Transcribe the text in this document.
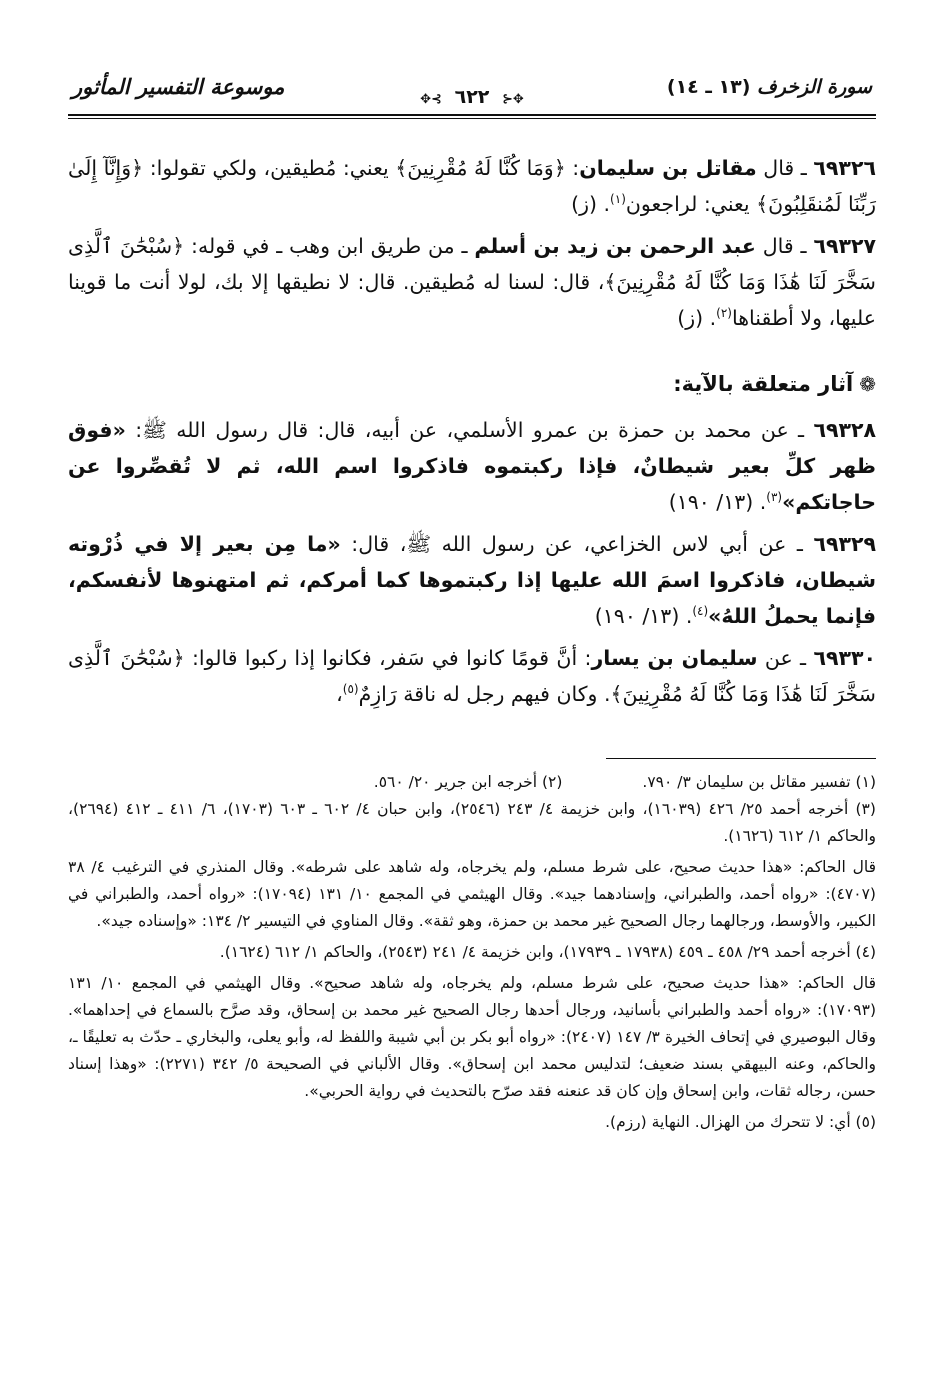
سورة الزخرف (١٣ ـ ١٤)
✥⊰ ٦٢٢ ⊱✥
موسوعة التفسير المأثور

٦٩٣٢٦ ـ قال مقاتل بن سليمان: ﴿وَمَا كُنَّا لَهُ مُقْرِنِينَ﴾ يعني: مُطيقين، ولكي تقولوا: ﴿وَإِنَّآ إِلَىٰ رَبِّنَا لَمُنقَلِبُونَ﴾ يعني: لراجعون$^{(١)}$. (ز)

٦٩٣٢٧ ـ قال عبد الرحمن بن زيد بن أسلم ـ من طريق ابن وهب ـ في قوله: ﴿سُبْحَٰنَ ٱلَّذِى سَخَّرَ لَنَا هَٰذَا وَمَا كُنَّا لَهُ مُقْرِنِينَ﴾، قال: لسنا له مُطيقين. قال: لا نطيقها إلا بك، لولا أنت ما قوينا عليها، ولا أطقناها$^{(٢)}$. (ز)

❁آثار متعلقة بالآية:

٦٩٣٢٨ ـ عن محمد بن حمزة بن عمرو الأسلمي، عن أبيه، قال: قال رسول الله ﷺ: «فوق ظهر كلِّ بعير شيطانٌ، فإذا ركبتموه فاذكروا اسم الله، ثم لا تُقصِّروا عن حاجاتكم»$^{(٣)}$. (١٣/ ١٩٠)

٦٩٣٢٩ ـ عن أبي لاس الخزاعي، عن رسول الله ﷺ، قال: «ما مِن بعير إلا في ذُرْوته شيطان، فاذكروا اسمَ الله عليها إذا ركبتموها كما أمركم، ثم امتهنوها لأنفسكم، فإنما يحملُ اللهُ»$^{(٤)}$. (١٣/ ١٩٠)

٦٩٣٣٠ ـ عن سليمان بن يسار: أنَّ قومًا كانوا في سَفر، فكانوا إذا ركبوا قالوا: ﴿سُبْحَٰنَ ٱلَّذِى سَخَّرَ لَنَا هَٰذَا وَمَا كُنَّا لَهُ مُقْرِنِينَ﴾. وكان فيهم رجل له ناقة رَازِمٌ$^{(٥)}$،

(١) تفسير مقاتل بن سليمان ٣/ ٧٩٠.
(٢) أخرجه ابن جرير ٢٠/ ٥٦٠.

(٣) أخرجه أحمد ٢٥/ ٤٢٦ (١٦٠٣٩)، وابن خزيمة ٤/ ٢٤٣ (٢٥٤٦)، وابن حبان ٤/ ٦٠٢ ـ ٦٠٣ (١٧٠٣)، ٦/ ٤١١ ـ ٤١٢ (٢٦٩٤)، والحاكم ١/ ٦١٢ (١٦٢٦).

قال الحاكم: «هذا حديث صحيح، على شرط مسلم، ولم يخرجاه، وله شاهد على شرطه». وقال المنذري في الترغيب ٤/ ٣٨ (٤٧٠٧): «رواه أحمد، والطبراني، وإسنادهما جيد». وقال الهيثمي في المجمع ١٠/ ١٣١ (١٧٠٩٤): «رواه أحمد، والطبراني في الكبير، والأوسط، ورجالهما رجال الصحيح غير محمد بن حمزة، وهو ثقة». وقال المناوي في التيسير ٢/ ١٣٤: «وإسناده جيد».

(٤) أخرجه أحمد ٢٩/ ٤٥٨ ـ ٤٥٩ (١٧٩٣٨ ـ ١٧٩٣٩)، وابن خزيمة ٤/ ٢٤١ (٢٥٤٣)، والحاكم ١/ ٦١٢ (١٦٢٤).

قال الحاكم: «هذا حديث صحيح، على شرط مسلم، ولم يخرجاه، وله شاهد صحيح». وقال الهيثمي في المجمع ١٠/ ١٣١ (١٧٠٩٣): «رواه أحمد والطبراني بأسانيد، ورجال أحدها رجال الصحيح غير محمد بن إسحاق، وقد صرَّح بالسماع في إحداهما». وقال البوصيري في إتحاف الخيرة ٣/ ١٤٧ (٢٤٠٧): «رواه أبو بكر بن أبي شيبة واللفظ له، وأبو يعلى، والبخاري ـ حدّث به تعليقًا ـ، والحاكم، وعنه البيهقي بسند ضعيف؛ لتدليس محمد ابن إسحاق». وقال الألباني في الصحيحة ٥/ ٣٤٢ (٢٢٧١): «وهذا إسناد حسن، رجاله ثقات، وابن إسحاق وإن كان قد عنعنه فقد صرّح بالتحديث في رواية الحربي».

(٥) أي: لا تتحرك من الهزال. النهاية (رزم).
